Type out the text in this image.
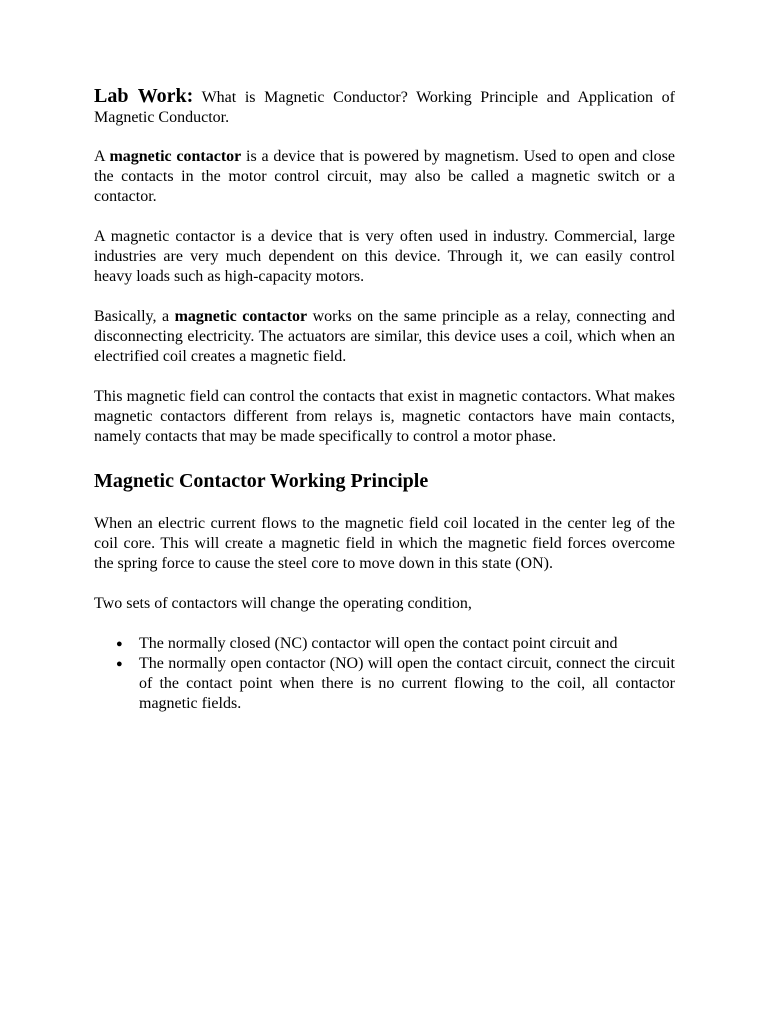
Lab Work: What is Magnetic Conductor? Working Principle and Application of Magnetic Conductor.

A magnetic contactor is a device that is powered by magnetism. Used to open and close the contacts in the motor control circuit, may also be called a magnetic switch or a contactor.

A magnetic contactor is a device that is very often used in industry. Commercial, large industries are very much dependent on this device. Through it, we can easily control heavy loads such as high-capacity motors.

Basically, a magnetic contactor works on the same principle as a relay, connecting and disconnecting electricity. The actuators are similar, this device uses a coil, which when an electrified coil creates a magnetic field.

This magnetic field can control the contacts that exist in magnetic contactors. What makes magnetic contactors different from relays is, magnetic contactors have main contacts, namely contacts that may be made specifically to control a motor phase.

Magnetic Contactor Working Principle

When an electric current flows to the magnetic field coil located in the center leg of the coil core. This will create a magnetic field in which the magnetic field forces overcome the spring force to cause the steel core to move down in this state (ON).

Two sets of contactors will change the operating condition,

● The normally closed (NC) contactor will open the contact point circuit and
● The normally open contactor (NO) will open the contact circuit, connect the circuit of the contact point when there is no current flowing to the coil, all contactor magnetic fields.
